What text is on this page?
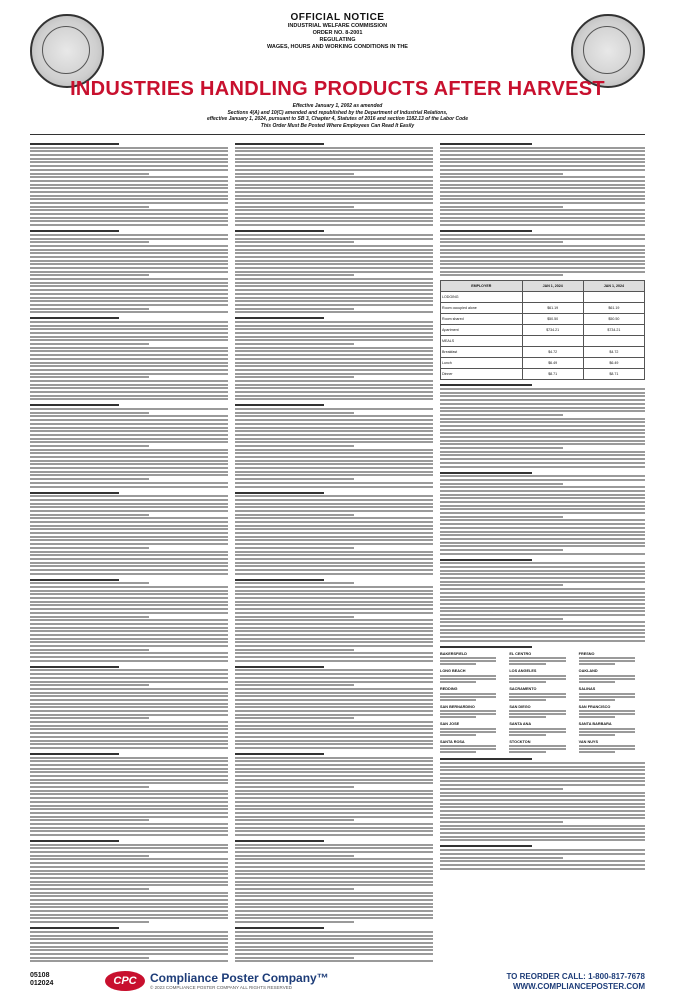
OFFICIAL NOTICE
INDUSTRIAL WELFARE COMMISSION
ORDER NO. 8-2001
REGULATING
WAGES, HOURS AND WORKING CONDITIONS IN THE
INDUSTRIES HANDLING PRODUCTS AFTER HARVEST
Effective January 1, 2002 as amended
Sections 4(A) and 10(C) amended and republished by the Department of Industrial Relations,
effective January 1, 2024, pursuant to SB 3, Chapter 4, Statutes of 2016 and section 1182.13 of the Labor Code
This Order Must Be Posted Where Employees Can Read It Easily
EMPLOYER	JAN 1, 2024	JAN 1, 2024
LODGING		
Room occupied alone	$61.19	$61.19
Room shared	$50.50	$50.50
Apartment	$734.21	$734.21
MEALS		
Breakfast	$4.72	$4.72
Lunch	$6.49	$6.49
Dinner	$8.71	$8.71
BAKERSFIELD	EL CENTRO	FRESNO
LONG BEACH	LOS ANGELES	OAKLAND
REDDING	SACRAMENTO	SALINAS
SAN BERNARDINO	SAN DIEGO	SAN FRANCISCO
SAN JOSE	SANTA ANA	SANTA BARBARA
SANTA ROSA	STOCKTON	VAN NUYS
05108
012024	CPC	Compliance Poster Company™
© 2023 COMPLIANCE POSTER COMPANY ALL RIGHTS RESERVED
TO REORDER CALL: 1-800-817-7678
WWW.COMPLIANCEPOSTER.COM
